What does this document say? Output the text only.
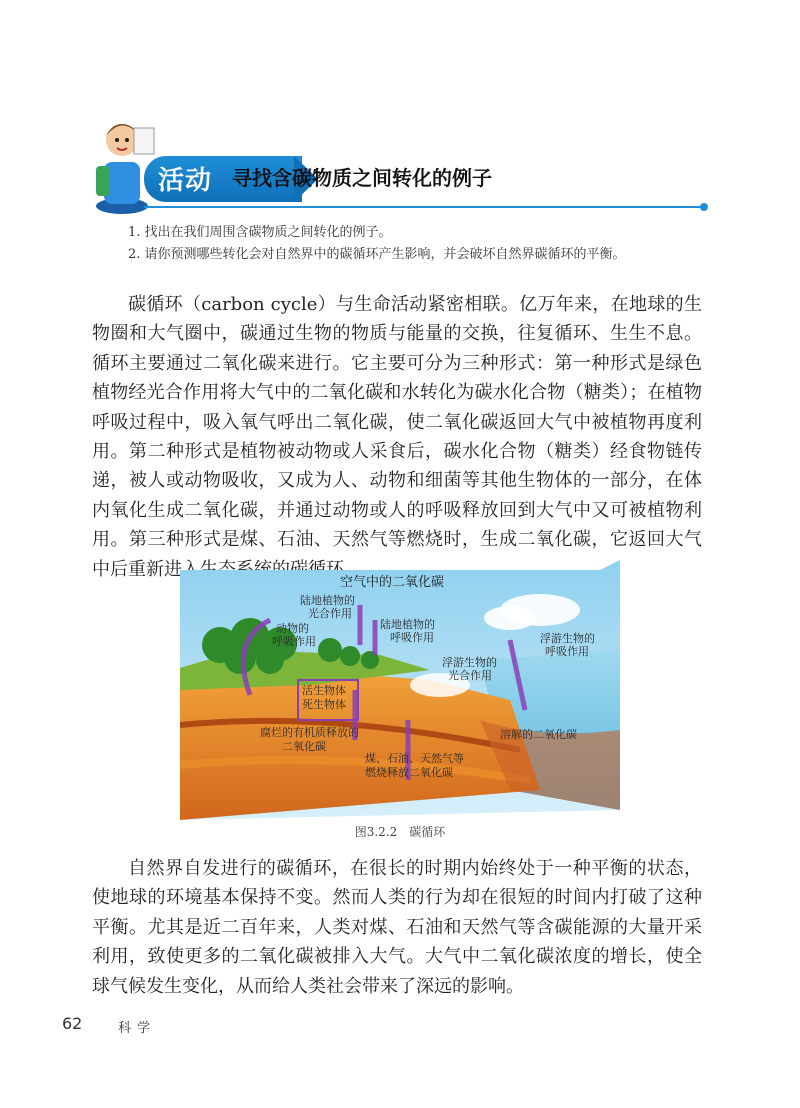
活动 寻找含碳物质之间转化的例子
1. 找出在我们周围含碳物质之间转化的例子。
2. 请你预测哪些转化会对自然界中的碳循环产生影响，并会破坏自然界碳循环的平衡。
碳循环（carbon cycle）与生命活动紧密相联。亿万年来，在地球的生物圈和大气圈中，碳通过生物的物质与能量的交换，往复循环、生生不息。循环主要通过二氧化碳来进行。它主要可分为三种形式：第一种形式是绿色植物经光合作用将大气中的二氧化碳和水转化为碳水化合物（糖类）；在植物呼吸过程中，吸入氧气呼出二氧化碳，使二氧化碳返回大气中被植物再度利用。第二种形式是植物被动物或人采食后，碳水化合物（糖类）经食物链传递，被人或动物吸收，又成为人、动物和细菌等其他生物体的一部分，在体内氧化生成二氧化碳，并通过动物或人的呼吸释放回到大气中又可被植物利用。第三种形式是煤、石油、天然气等燃烧时，生成二氧化碳，它返回大气中后重新进入生态系统的碳循环。
空气中的二氧化碳
陆地植物的
光合作用
动物的
呼吸作用
陆地植物的
呼吸作用	浮游生物的
呼吸作用
浮游生物的
光合作用
活生物体
死生物体
腐烂的有机质释放的
二氧化碳
溶解的二氧化碳
煤、石油、天然气等
燃烧释放二氧化碳
图3.2.2　碳循环
自然界自发进行的碳循环，在很长的时期内始终处于一种平衡的状态，使地球的环境基本保持不变。然而人类的行为却在很短的时间内打破了这种平衡。尤其是近二百年来，人类对煤、石油和天然气等含碳能源的大量开采利用，致使更多的二氧化碳被排入大气。大气中二氧化碳浓度的增长，使全球气候发生变化，从而给人类社会带来了深远的影响。
62	科学
